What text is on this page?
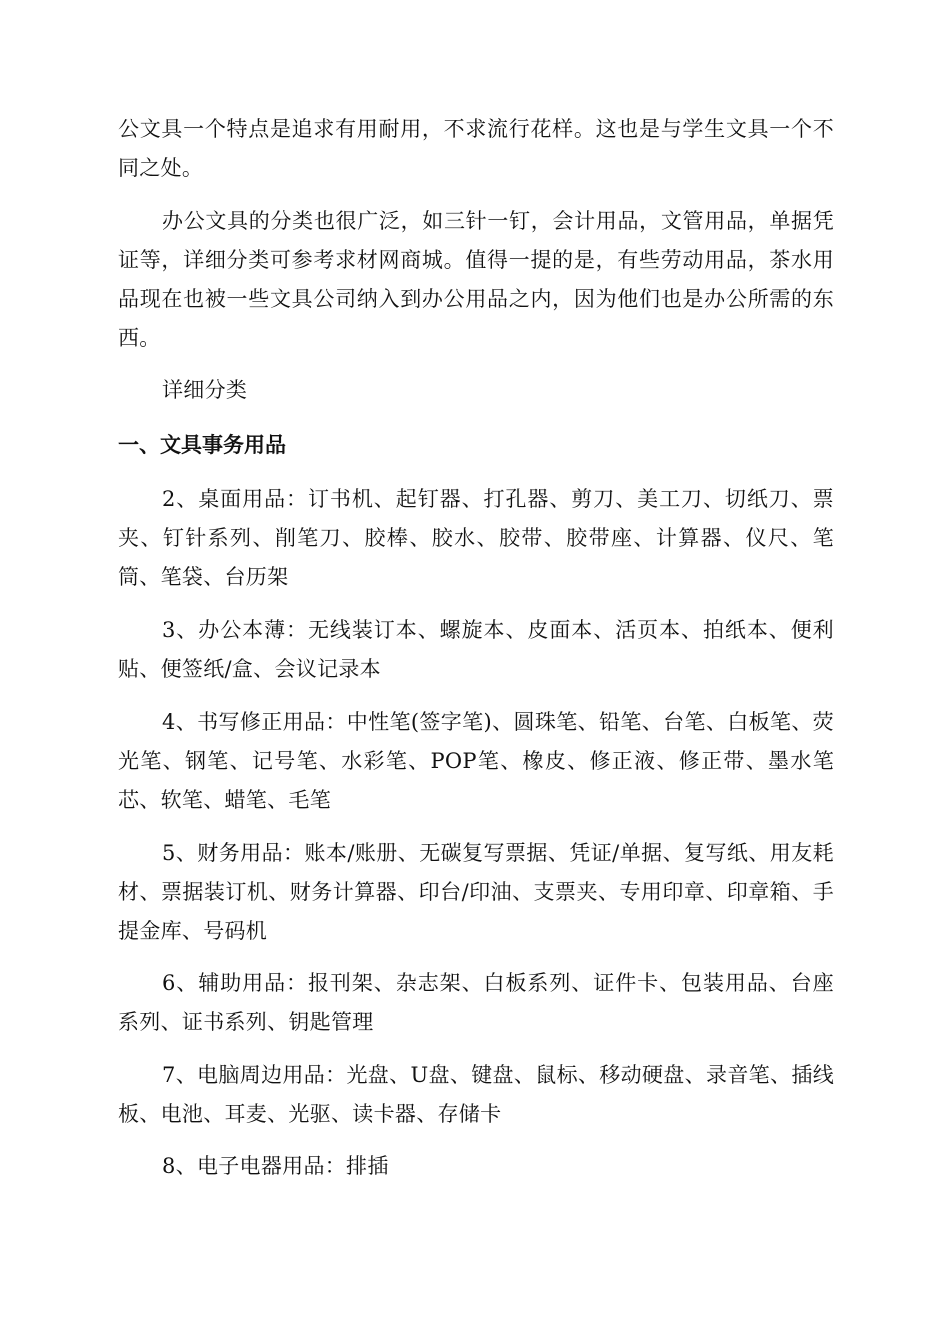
公文具一个特点是追求有用耐用，不求流行花样。这也是与学生文具一个不同之处。

办公文具的分类也很广泛，如三针一钉，会计用品，文管用品，单据凭证等，详细分类可参考求材网商城。值得一提的是，有些劳动用品，茶水用品现在也被一些文具公司纳入到办公用品之内，因为他们也是办公所需的东西。

详细分类

一、文具事务用品

2、桌面用品：订书机、起钉器、打孔器、剪刀、美工刀、切纸刀、票夹、钉针系列、削笔刀、胶棒、胶水、胶带、胶带座、计算器、仪尺、笔筒、笔袋、台历架

3、办公本薄：无线装订本、螺旋本、皮面本、活页本、拍纸本、便利贴、便签纸/盒、会议记录本

4、书写修正用品：中性笔(签字笔)、圆珠笔、铅笔、台笔、白板笔、荧光笔、钢笔、记号笔、水彩笔、POP笔、橡皮、修正液、修正带、墨水笔芯、软笔、蜡笔、毛笔

5、财务用品：账本/账册、无碳复写票据、凭证/单据、复写纸、用友耗材、票据装订机、财务计算器、印台/印油、支票夹、专用印章、印章箱、手提金库、号码机

6、辅助用品：报刊架、杂志架、白板系列、证件卡、包装用品、台座系列、证书系列、钥匙管理

7、电脑周边用品：光盘、U盘、键盘、鼠标、移动硬盘、录音笔、插线板、电池、耳麦、光驱、读卡器、存储卡

8、电子电器用品：排插
